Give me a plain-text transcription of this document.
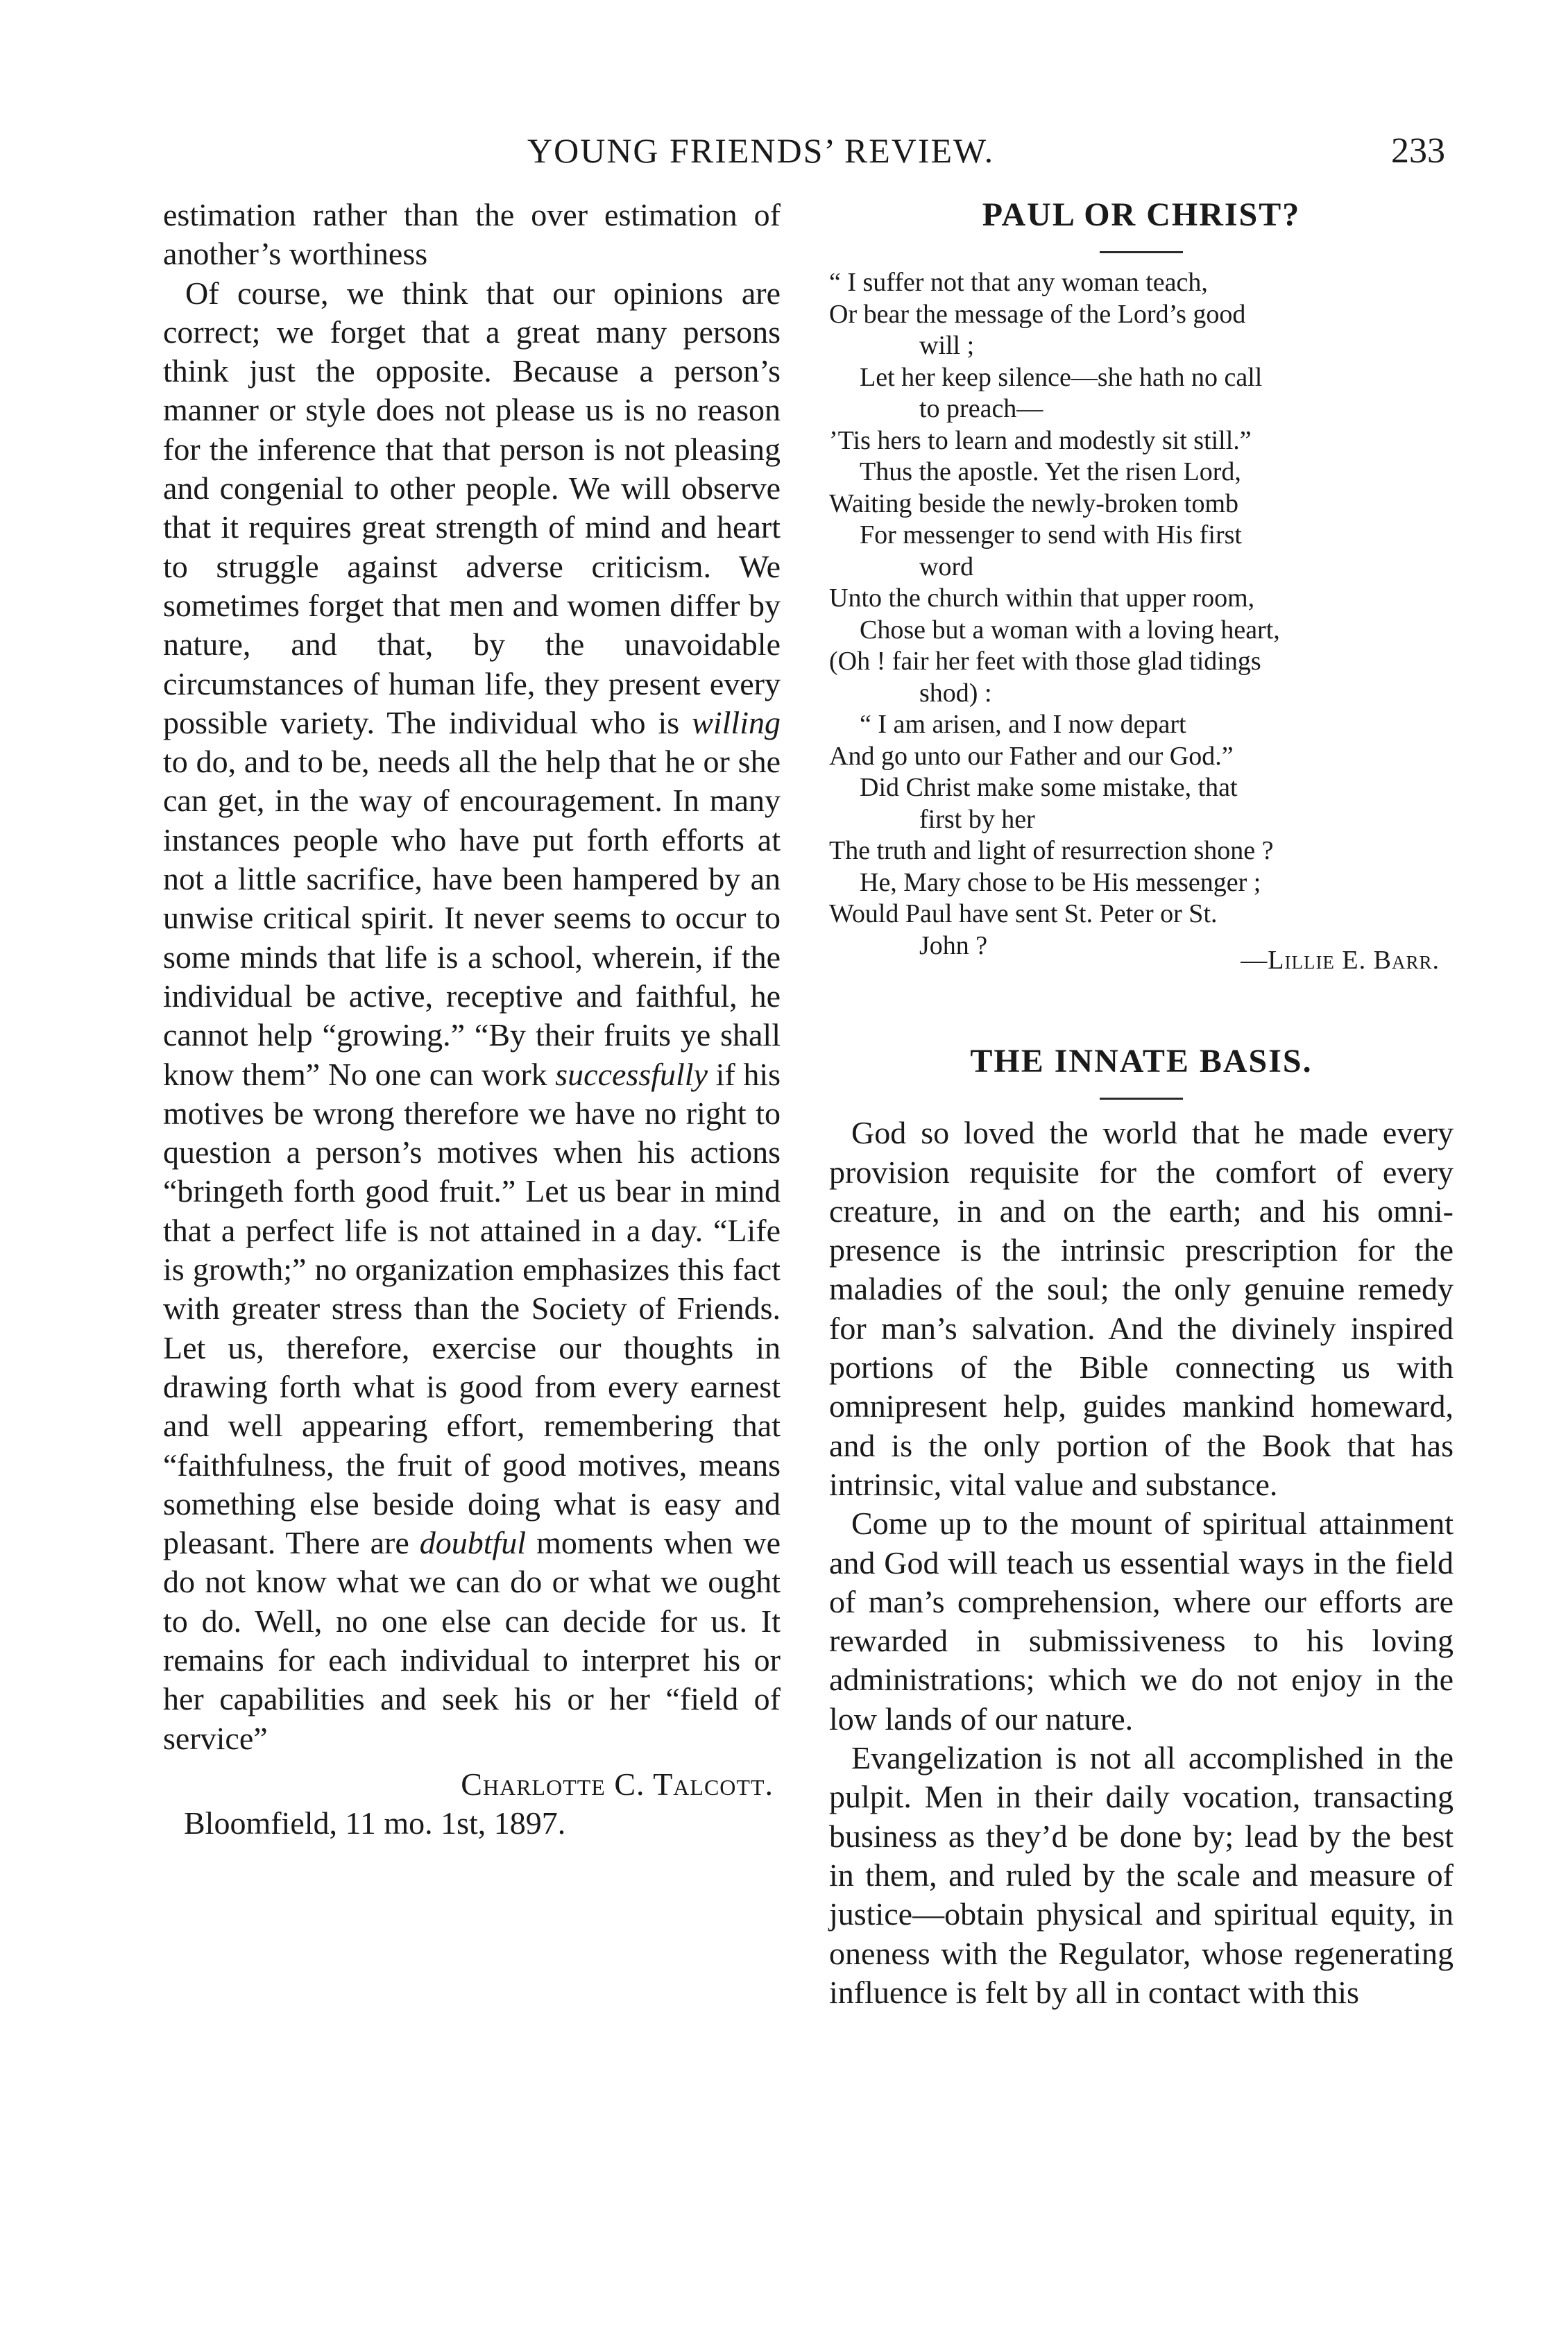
YOUNG FRIENDS’ REVIEW.	233

estimation rather than the over estimation of another’s worthiness

Of course, we think that our opinions are correct; we forget that a great many persons think just the opposite. Because a person’s manner or style does not please us is no reason for the inference that that person is not pleasing and congenial to other people. We will observe that it requires great strength of mind and heart to struggle against adverse criticism. We sometimes forget that men and women differ by nature, and that, by the unavoidable circumstances of human life, they present every possible variety. The individual who is willing to do, and to be, needs all the help that he or she can get, in the way of encouragement. In many instances people who have put forth efforts at not a little sacrifice, have been hampered by an unwise critical spirit. It never seems to occur to some minds that life is a school, wherein, if the individual be active, receptive and faithful, he cannot help “growing.” “By their fruits ye shall know them” No one can work successfully if his motives be wrong therefore we have no right to question a person’s motives when his actions “bringeth forth good fruit.” Let us bear in mind that a perfect life is not attained in a day. “Life is growth;” no organization emphasizes this fact with greater stress than the Society of Friends. Let us, therefore, exercise our thoughts in drawing forth what is good from every earnest and well appearing effort, remembering that “faithfulness, the fruit of good motives, means something else beside doing what is easy and pleasant. There are doubtful moments when we do not know what we can do or what we ought to do. Well, no one else can decide for us. It remains for each individual to interpret his or her capabilities and seek his or her “field of service”

Charlotte C. Talcott.
Bloomfield, 11 mo. 1st, 1897.
PAUL OR CHRIST?
“ I suffer not that any woman teach,
Or bear the message of the Lord’s good
will ;
Let her keep silence—she hath no call
to preach—
’Tis hers to learn and modestly sit still.”
Thus the apostle. Yet the risen Lord,
Waiting beside the newly-broken tomb
For messenger to send with His first
word
Unto the church within that upper room,
Chose but a woman with a loving heart,
(Oh ! fair her feet with those glad tidings
shod) :
“ I am arisen, and I now depart
And go unto our Father and our God.”
Did Christ make some mistake, that
first by her
The truth and light of resurrection shone ?
He, Mary chose to be His messenger ;
Would Paul have sent St. Peter or St.
John ?
—Lillie E. Barr.
THE INNATE BASIS.

God so loved the world that he made every provision requisite for the comfort of every creature, in and on the earth; and his omni-presence is the intrinsic prescription for the maladies of the soul; the only genuine remedy for man’s salvation. And the divinely inspired portions of the Bible connecting us with omnipresent help, guides mankind homeward, and is the only portion of the Book that has intrinsic, vital value and substance.

Come up to the mount of spiritual attainment and God will teach us essential ways in the field of man’s comprehension, where our efforts are rewarded in submissiveness to his loving administrations; which we do not enjoy in the low lands of our nature.

Evangelization is not all accomplished in the pulpit. Men in their daily vocation, transacting business as they’d be done by; lead by the best in them, and ruled by the scale and measure of justice—obtain physical and spiritual equity, in oneness with the Regulator, whose regenerating influence is felt by all in contact with this
